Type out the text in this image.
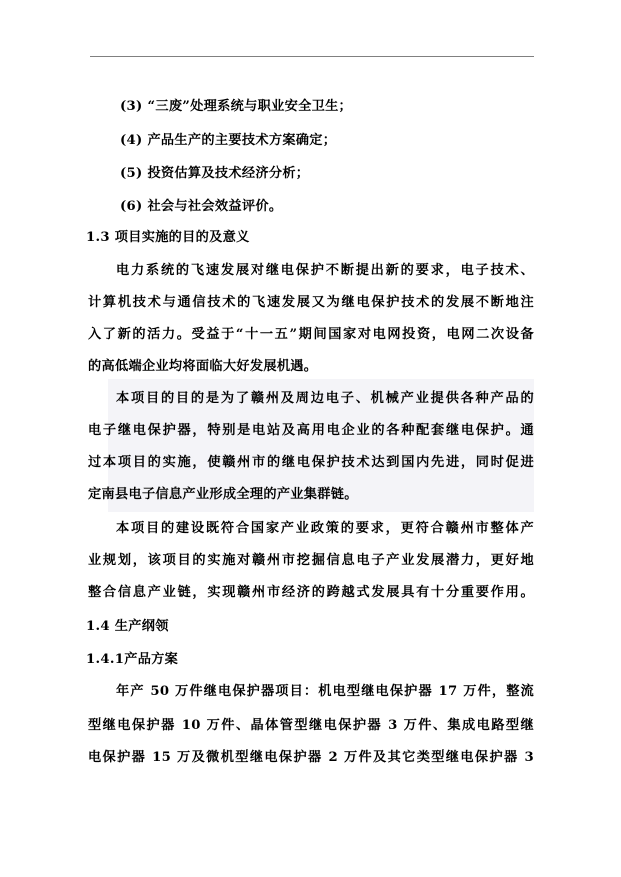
(3) “三废”处理系统与职业安全卫生；
(4) 产品生产的主要技术方案确定；
(5) 投资估算及技术经济分析；
(6) 社会与社会效益评价。
1.3 项目实施的目的及意义
电力系统的飞速发展对继电保护不断提出新的要求，电子技术、
计算机技术与通信技术的飞速发展又为继电保护技术的发展不断地注
入了新的活力。受益于“十一五”期间国家对电网投资，电网二次设备
的高低端企业均将面临大好发展机遇。
本项目的目的是为了赣州及周边电子、机械产业提供各种产品的
电子继电保护器，特别是电站及高用电企业的各种配套继电保护。通
过本项目的实施，使赣州市的继电保护技术达到国内先进，同时促进
定南县电子信息产业形成全理的产业集群链。
本项目的建设既符合国家产业政策的要求，更符合赣州市整体产
业规划，该项目的实施对赣州市挖掘信息电子产业发展潜力，更好地
整合信息产业链，实现赣州市经济的跨越式发展具有十分重要作用。
1.4 生产纲领
1.4.1产品方案
年产 50 万件继电保护器项目：机电型继电保护器 17 万件，整流
型继电保护器 10 万件、晶体管型继电保护器 3 万件、集成电路型继
电保护器 15 万及微机型继电保护器 2 万件及其它类型继电保护器 3
